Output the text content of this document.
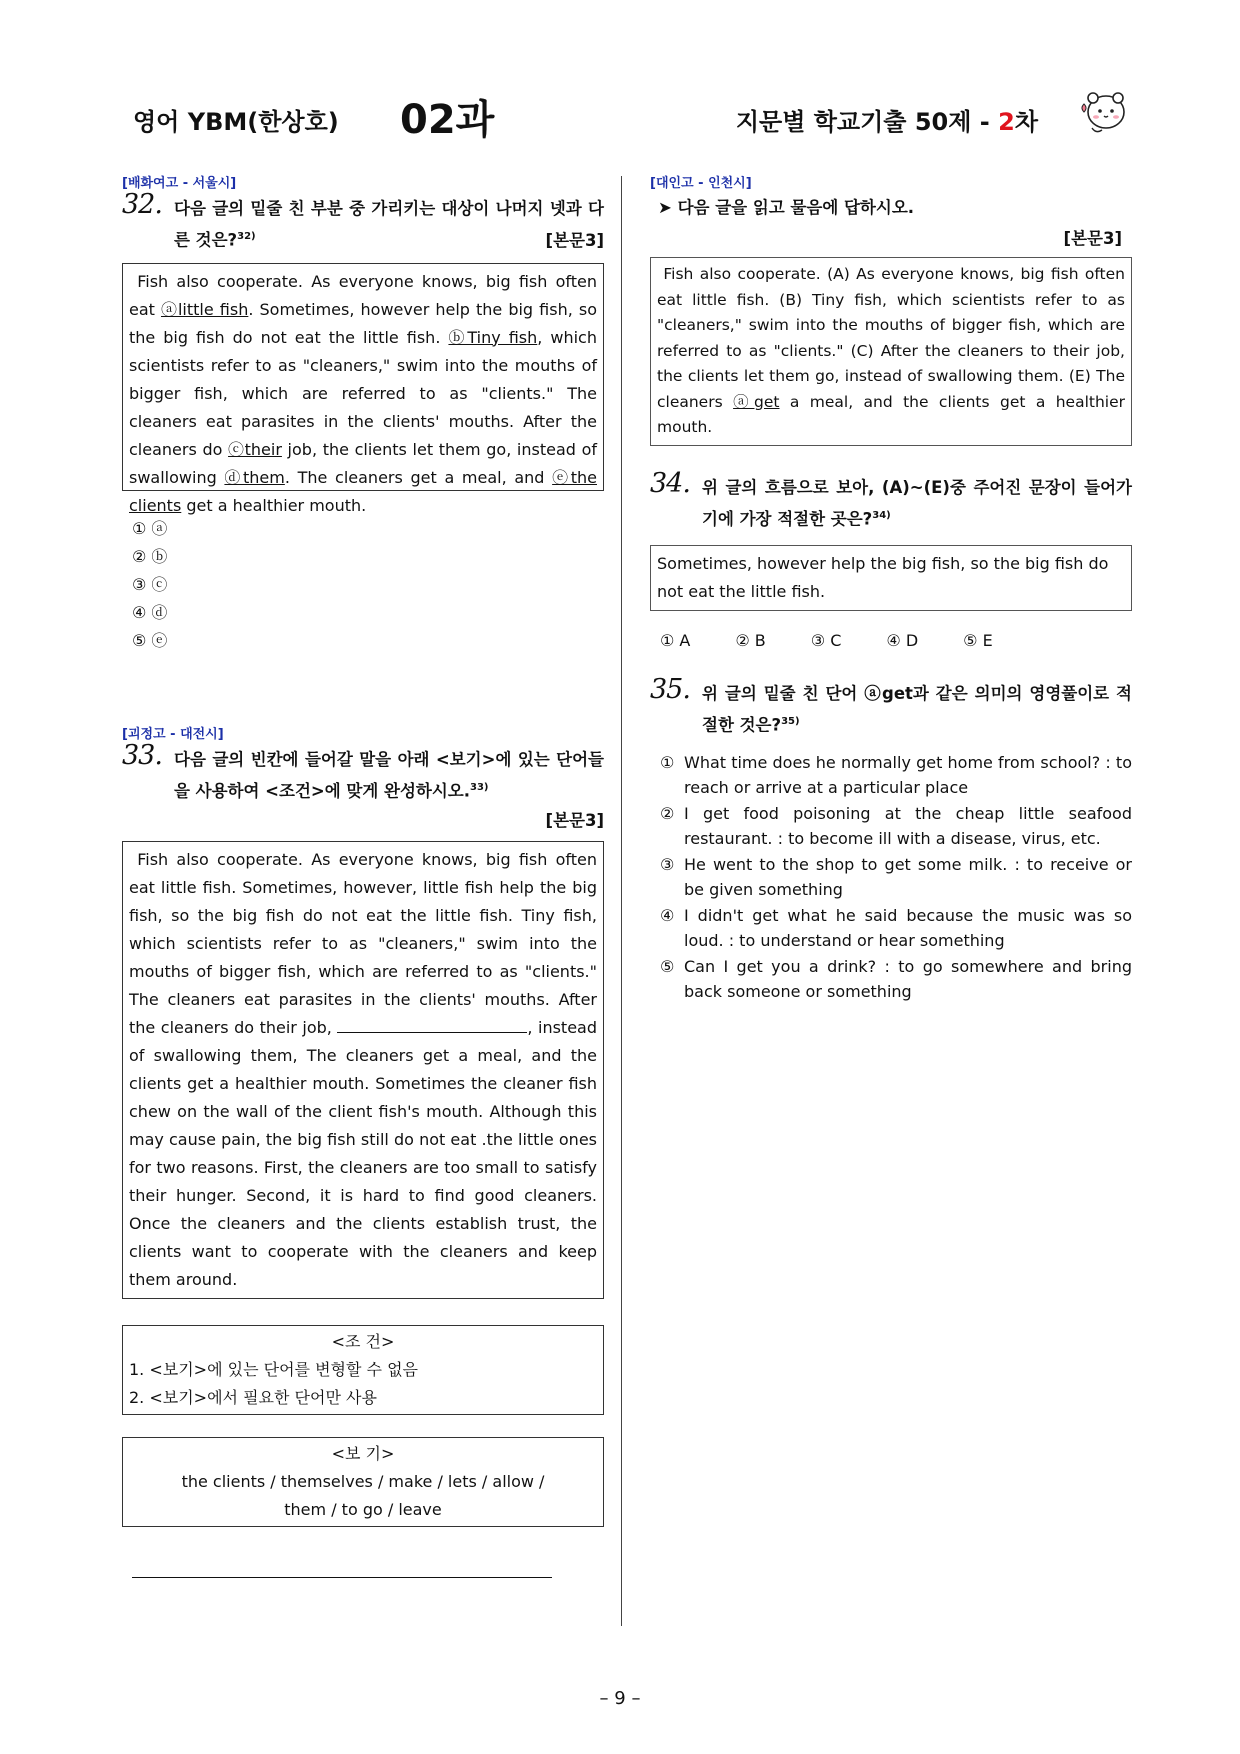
영어 YBM(한상호) 02과	지문별 학교기출 50제 - 2차
[배화여고 - 서울시]
32. 다음 글의 밑줄 친 부분 중 가리키는 대상이 나머지 넷과 다른 것은?$^{32)}$	[본문3]
Fish also cooperate. As everyone knows, big fish often eat ⓐlittle fish. Sometimes, however help the big fish, so the big fish do not eat the little fish. ⓑTiny fish, which scientists refer to as "cleaners," swim into the mouths of bigger fish, which are referred to as "clients." The cleaners eat parasites in the clients' mouths. After the cleaners do ⓒtheir job, the clients let them go, instead of swallowing ⓓthem. The cleaners get a meal, and ⓔthe clients get a healthier mouth.
① ⓐ
② ⓑ
③ ⓒ
④ ⓓ
⑤ ⓔ
[괴정고 - 대전시]
33. 다음 글의 빈칸에 들어갈 말을 아래 <보기>에 있는 단어들을 사용하여 <조건>에 맞게 완성하시오.$^{33)}$
[본문3]
Fish also cooperate. As everyone knows, big fish often eat little fish. Sometimes, however, little fish help the big fish, so the big fish do not eat the little fish. Tiny fish, which scientists refer to as "cleaners," swim into the mouths of bigger fish, which are referred to as "clients." The cleaners eat parasites in the clients' mouths. After the cleaners do their job,	, instead of swallowing them, The cleaners get a meal, and the clients get a healthier mouth. Sometimes the cleaner fish chew on the wall of the client fish's mouth. Although this may cause pain, the big fish still do not eat .the little ones for two reasons. First, the cleaners are too small to satisfy their hunger. Second, it is hard to find good cleaners. Once the cleaners and the clients establish trust, the clients want to cooperate with the cleaners and keep them around.
<조 건>
1. <보기>에 있는 단어를 변형할 수 없음
2. <보기>에서 필요한 단어만 사용
<보 기>
the clients / themselves / make / lets / allow /
them / to go / leave
[대인고 - 인천시]
➤ 다음 글을 읽고 물음에 답하시오.
[본문3]
Fish also cooperate. (A) As everyone knows, big fish often eat little fish. (B) Tiny fish, which scientists refer to as "cleaners," swim into the mouths of bigger fish, which are referred to as "clients." (C) After the cleaners to their job, the clients let them go, instead of swallowing them. (E) The cleaners ⓐget a meal, and the clients get a healthier mouth.
34. 위 글의 흐름으로 보아, (A)~(E)중 주어진 문장이 들어가기에 가장 적절한 곳은?$^{34)}$
Sometimes, however help the big fish, so the big fish do not eat the little fish.
① A	② B	③ C	④ D	⑤ E
35. 위 글의 밑줄 친 단어 ⓐget과 같은 의미의 영영풀이로 적절한 것은?$^{35)}$
① What time does he normally get home from school? : to reach or arrive at a particular place
② I get food poisoning at the cheap little seafood restaurant. : to become ill with a disease, virus, etc.
③ He went to the shop to get some milk. : to receive or be given something
④ I didn't get what he said because the music was so loud. : to understand or hear something
⑤ Can I get you a drink? : to go somewhere and bring back someone or something
– 9 –
